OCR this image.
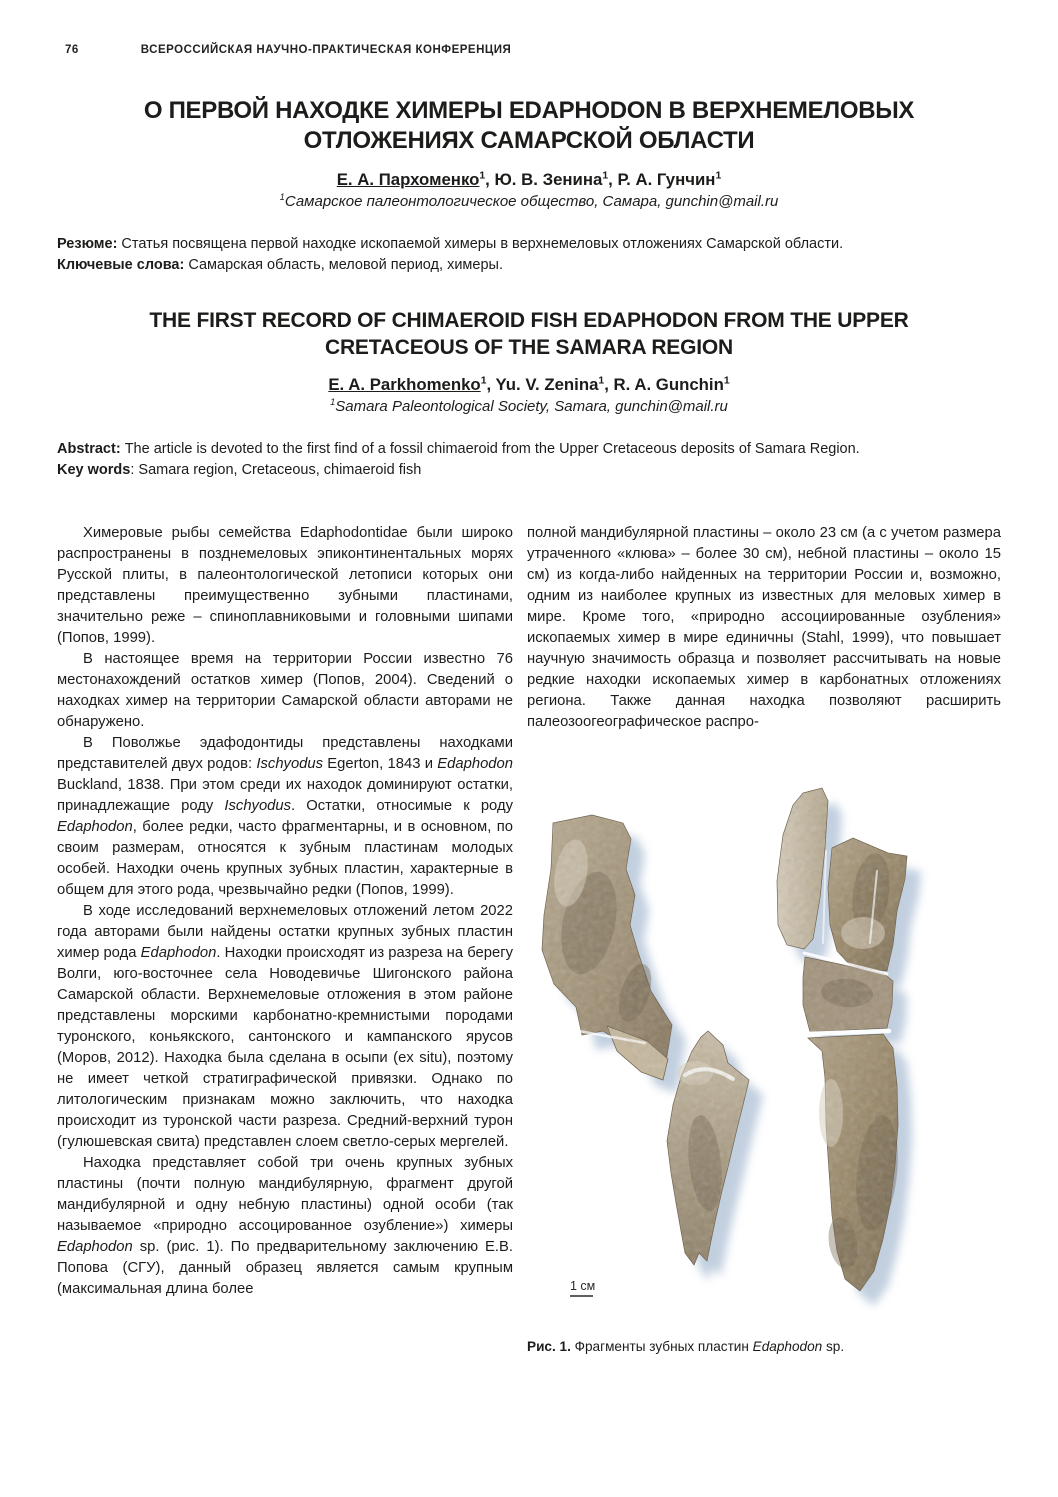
76	ВСЕРОССИЙСКАЯ НАУЧНО-ПРАКТИЧЕСКАЯ КОНФЕРЕНЦИЯ
О ПЕРВОЙ НАХОДКЕ ХИМЕРЫ EDAPHODON В ВЕРХНЕМЕЛОВЫХ ОТЛОЖЕНИЯХ САМАРСКОЙ ОБЛАСТИ
Е. А. Пархоменко$^1$, Ю. В. Зенина$^1$, Р. А. Гунчин$^1$
$^1$Самарское палеонтологическое общество, Самара, gunchin@mail.ru

Резюме: Статья посвящена первой находке ископаемой химеры в верхнемеловых отложениях Самарской области.

Ключевые слова: Самарская область, меловой период, химеры.

THE FIRST RECORD OF CHIMAEROID FISH EDAPHODON FROM THE UPPER CRETACEOUS OF THE SAMARA REGION
E. A. Parkhomenko$^1$, Yu. V. Zenina$^1$, R. A. Gunchin$^1$
$^1$Samara Paleontological Society, Samara, gunchin@mail.ru

Abstract: The article is devoted to the first find of a fossil chimaeroid from the Upper Cretaceous deposits of Samara Region.

Key words: Samara region, Cretaceous, chimaeroid fish

Химеровые рыбы семейства Edaphodontidae были широко распространены в позднемеловых эпиконтинентальных морях Русской плиты, в палеонтологической летописи которых они представлены преимущественно зубными пластинами, значительно реже – спиноплавниковыми и головными шипами (Попов, 1999).

В настоящее время на территории России известно 76 местонахождений остатков химер (Попов, 2004). Сведений о находках химер на территории Самарской области авторами не обнаружено.

В Поволжье эдафодонтиды представлены находками представителей двух родов: Ischyodus Egerton, 1843 и Edaphodon Buckland, 1838. При этом среди их находок доминируют остатки, принадлежащие роду Ischyodus. Остатки, относимые к роду Edaphodon, более редки, часто фрагментарны, и в основном, по своим размерам, относятся к зубным пластинам молодых особей. Находки очень крупных зубных пластин, характерные в общем для этого рода, чрезвычайно редки (Попов, 1999).

В ходе исследований верхнемеловых отложений летом 2022 года авторами были найдены остатки крупных зубных пластин химер рода Edaphodon. Находки происходят из разреза на берегу Волги, юго-восточнее села Новодевичье Шигонского района Самарской области. Верхнемеловые отложения в этом районе представлены морскими карбонатно-кремнистыми породами туронского, коньякского, сантонского и кампанского ярусов (Моров, 2012). Находка была сделана в осыпи (ex situ), поэтому не имеет четкой стратиграфической привязки. Однако по литологическим признакам можно заключить, что находка происходит из туронской части разреза. Средний-верхний турон (гулюшевская свита) представлен слоем светло-серых мергелей.

Находка представляет собой три очень крупных зубных пластины (почти полную мандибулярную, фрагмент другой мандибулярной и одну небную пластины) одной особи (так называемое «природно ассоцированное озубление») химеры Edaphodon sp. (рис. 1). По предварительному заключению Е.В. Попова (СГУ), данный образец является самым крупным (максимальная длина более

полной мандибулярной пластины – около 23 см (а с учетом размера утраченного «клюва» – более 30 см), небной пластины – около 15 см) из когда-либо найденных на территории России и, возможно, одним из наиболее крупных из известных для меловых химер в мире. Кроме того, «природно ассоциированные озубления» ископаемых химер в мире единичны (Stahl, 1999), что повышает научную значимость образца и позволяет рассчитывать на новые редкие находки ископаемых химер в карбонатных отложениях региона. Также данная находка позволяют расширить палеозоогеографическое распро-

1 см
Рис. 1. Фрагменты зубных пластин Edaphodon sp.
